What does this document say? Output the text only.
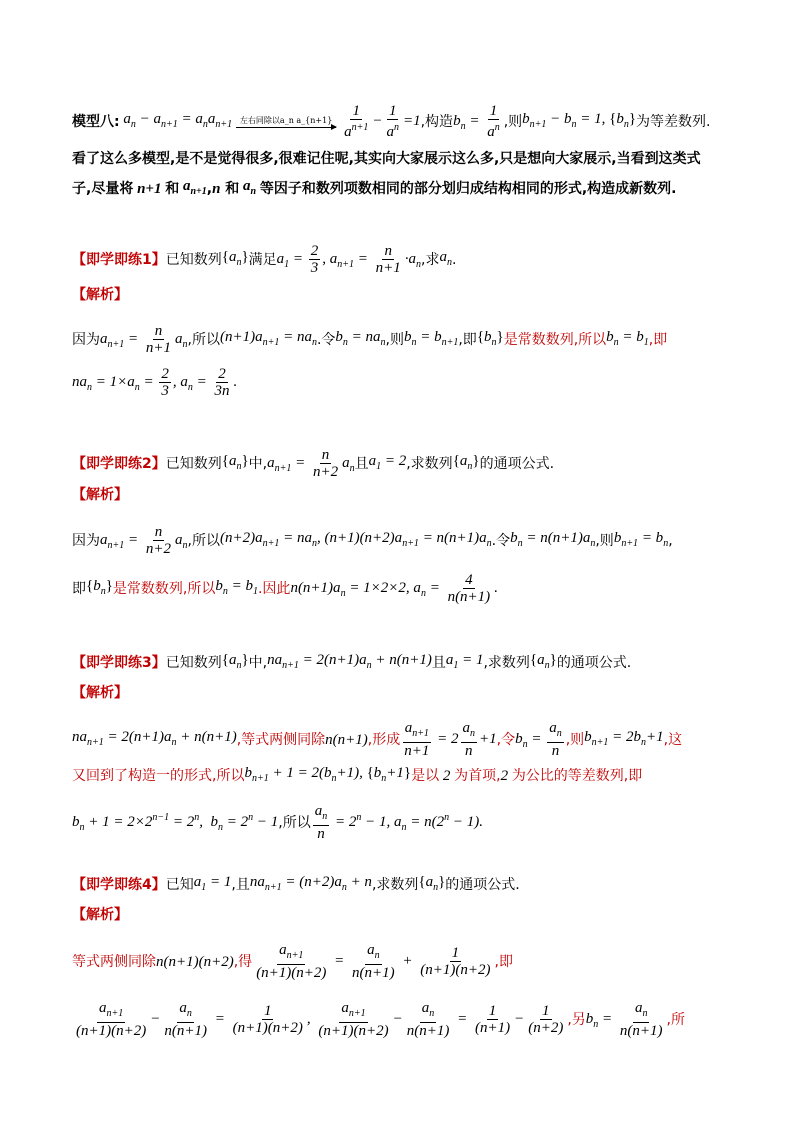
模型八: $a_n - a_{n+1} = a_na_{n+1}$ 左右同除以a_n a_{n+1} $\frac{1}{a^{n+1}} - \frac{1}{a^n} =1$ ,构造 $b_n = \frac{1}{a^n}$ ,则 $b_{n+1} - b_n = 1$, $\{b_n\}$ 为等差数列.
看了这么多模型,是不是觉得很多,很难记住呢,其实向大家展示这么多,只是想向大家展示,当看到这类式
子,尽量将 n+1 和 $a_{n+1}$ , n 和 $a_n$ 等因子和数列项数相同的部分划归成结构相同的形式,构造成新数列.
【即学即练1】 已知数列 $\{a_n\}$ 满足 $a_1 = \frac{2}{3}$ , $a_{n+1} = \frac{n}{n+1} \cdot a_n$ ,求 $a_n$ .
【解析】
因为 $a_{n+1} = \frac{n}{n+1} a_n$ ,所以 $(n+1)a_{n+1} = na_n$ .令 $b_n = na_n$ ,则 $b_n = b_{n+1}$ ,即 $\{b_n\}$ 是常数数列,所以 $b_n = b_1$ ,即
$na_n = 1\times a_n = \frac{2}{3}$ , $a_n = \frac{2}{3n}$ .
【即学即练2】 已知数列 $\{a_n\}$ 中, $a_{n+1} = \frac{n}{n+2} a_n$ 且 $a_1 = 2$ ,求数列 $\{a_n\}$ 的通项公式.
【解析】
因为 $a_{n+1} = \frac{n}{n+2} a_n$ ,所以 $(n+2)a_{n+1} = na_n$, $(n+1)(n+2)a_{n+1} = n(n+1)a_n$ .令 $b_n = n(n+1)a_n$ ,则 $b_{n+1} = b_n$ ,
即 $\{b_n\}$ 是常数数列,所以 $b_n = b_1$ .因此 $n(n+1)a_n = 1\times 2\times 2$, $a_n = \frac{4}{n(n+1)}$ .
【即学即练3】 已知数列 $\{a_n\}$ 中, $na_{n+1} = 2(n+1)a_n + n(n+1)$ 且 $a_1 = 1$ ,求数列 $\{a_n\}$ 的通项公式.
【解析】
$na_{n+1} = 2(n+1)a_n + n(n+1)$ ,等式两侧同除 n(n+1) ,形成 $\frac{a_{n+1}}{n+1} = 2 \frac{a_n}{n} +1$ ,令 $b_n = \frac{a_n}{n}$ ,则 $b_{n+1} = 2b_n+1$ ,这
又回到了构造一的形式,所以 $b_{n+1} + 1 = 2(b_n+1)$, $\{b_n+1\}$ 是以 2 为首项, 2 为公比的等差数列,即
$b_n + 1 = 2\times 2^{n-1} = 2^n$,  $b_n = 2^n - 1$ ,所以 $\frac{a_n}{n} = 2^n - 1$, $a_n = n(2^n - 1)$.
【即学即练4】 已知 $a_1 = 1$ ,且 $na_{n+1} = (n+2)a_n + n$ ,求数列 $\{a_n\}$ 的通项公式.
【解析】
等式两侧同除 n(n+1)(n+2) ,得 $\frac{a_{n+1}}{(n+1)(n+2)} = \frac{a_n}{n(n+1)} + \frac{1}{(n+1)(n+2)}$ ,即
$\frac{a_{n+1}}{(n+1)(n+2)} - \frac{a_n}{n(n+1)} = \frac{1}{(n+1)(n+2)}$ , $\frac{a_{n+1}}{(n+1)(n+2)} - \frac{a_n}{n(n+1)} = \frac{1}{(n+1)} - \frac{1}{(n+2)}$ ,另 $b_n = \frac{a_n}{n(n+1)}$ ,所
